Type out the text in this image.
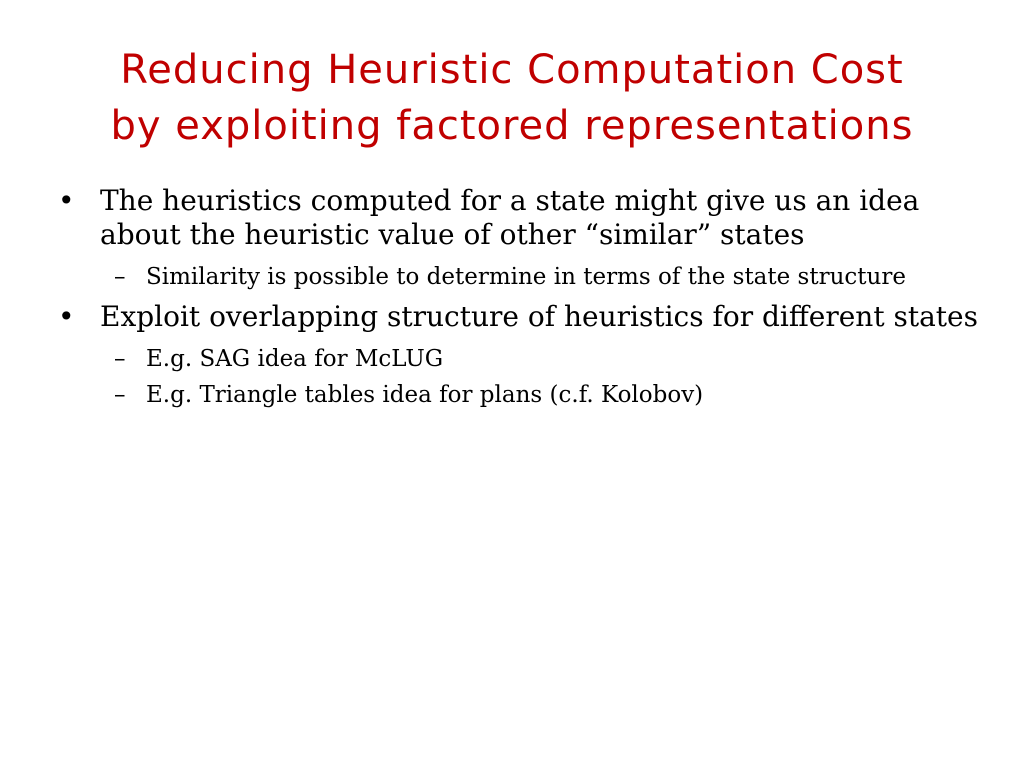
Reducing Heuristic Computation Cost
by exploiting factored representations
• The heuristics computed for a state might give us an idea about the heuristic value of other “similar” states
– Similarity is possible to determine in terms of the state structure
• Exploit overlapping structure of heuristics for different states
– E.g. SAG idea for McLUG
– E.g. Triangle tables idea for plans (c.f. Kolobov)
